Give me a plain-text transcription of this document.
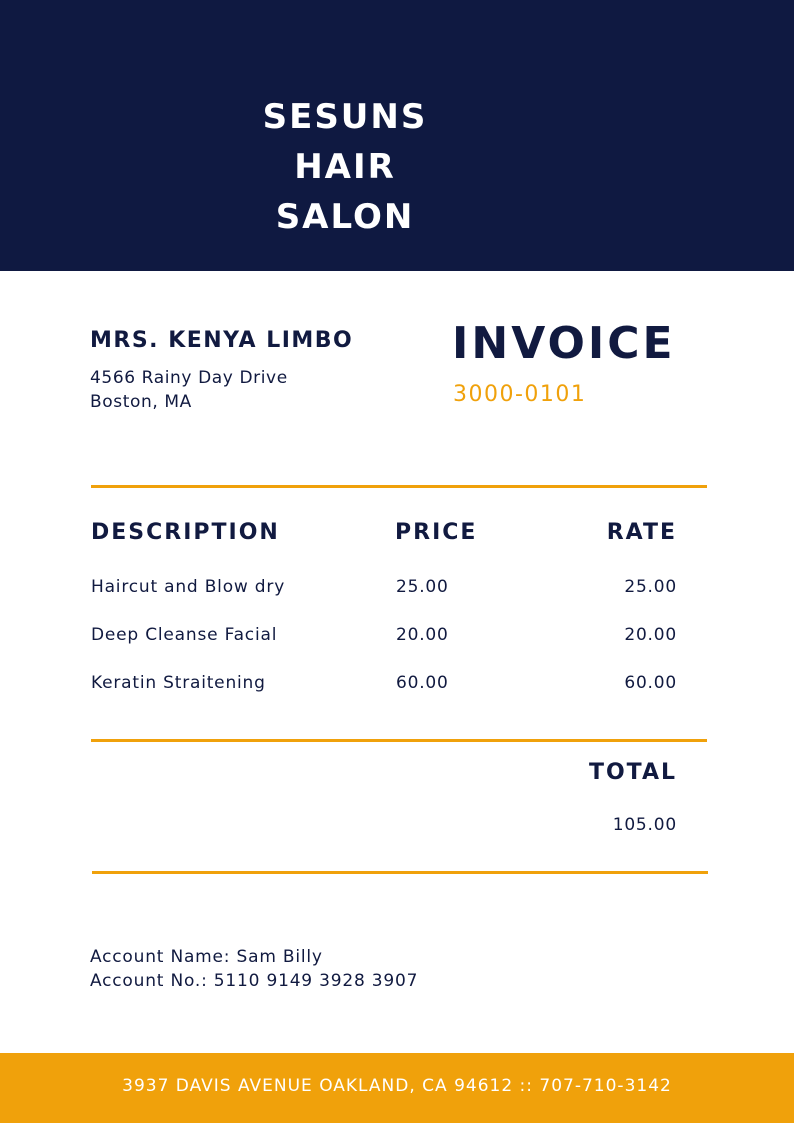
SESUNS
HAIR
SALON
MRS. KENYA LIMBO
4566 Rainy Day Drive
Boston, MA
INVOICE
3000-0101
DESCRIPTION	PRICE	RATE
Haircut and Blow dry	25.00	25.00
Deep Cleanse Facial	20.00	20.00
Keratin Straitening	60.00	60.00
TOTAL
105.00
Account Name: Sam Billy
Account No.: 5110 9149 3928 3907
3937 DAVIS AVENUE OAKLAND, CA 94612 :: 707-710-3142
